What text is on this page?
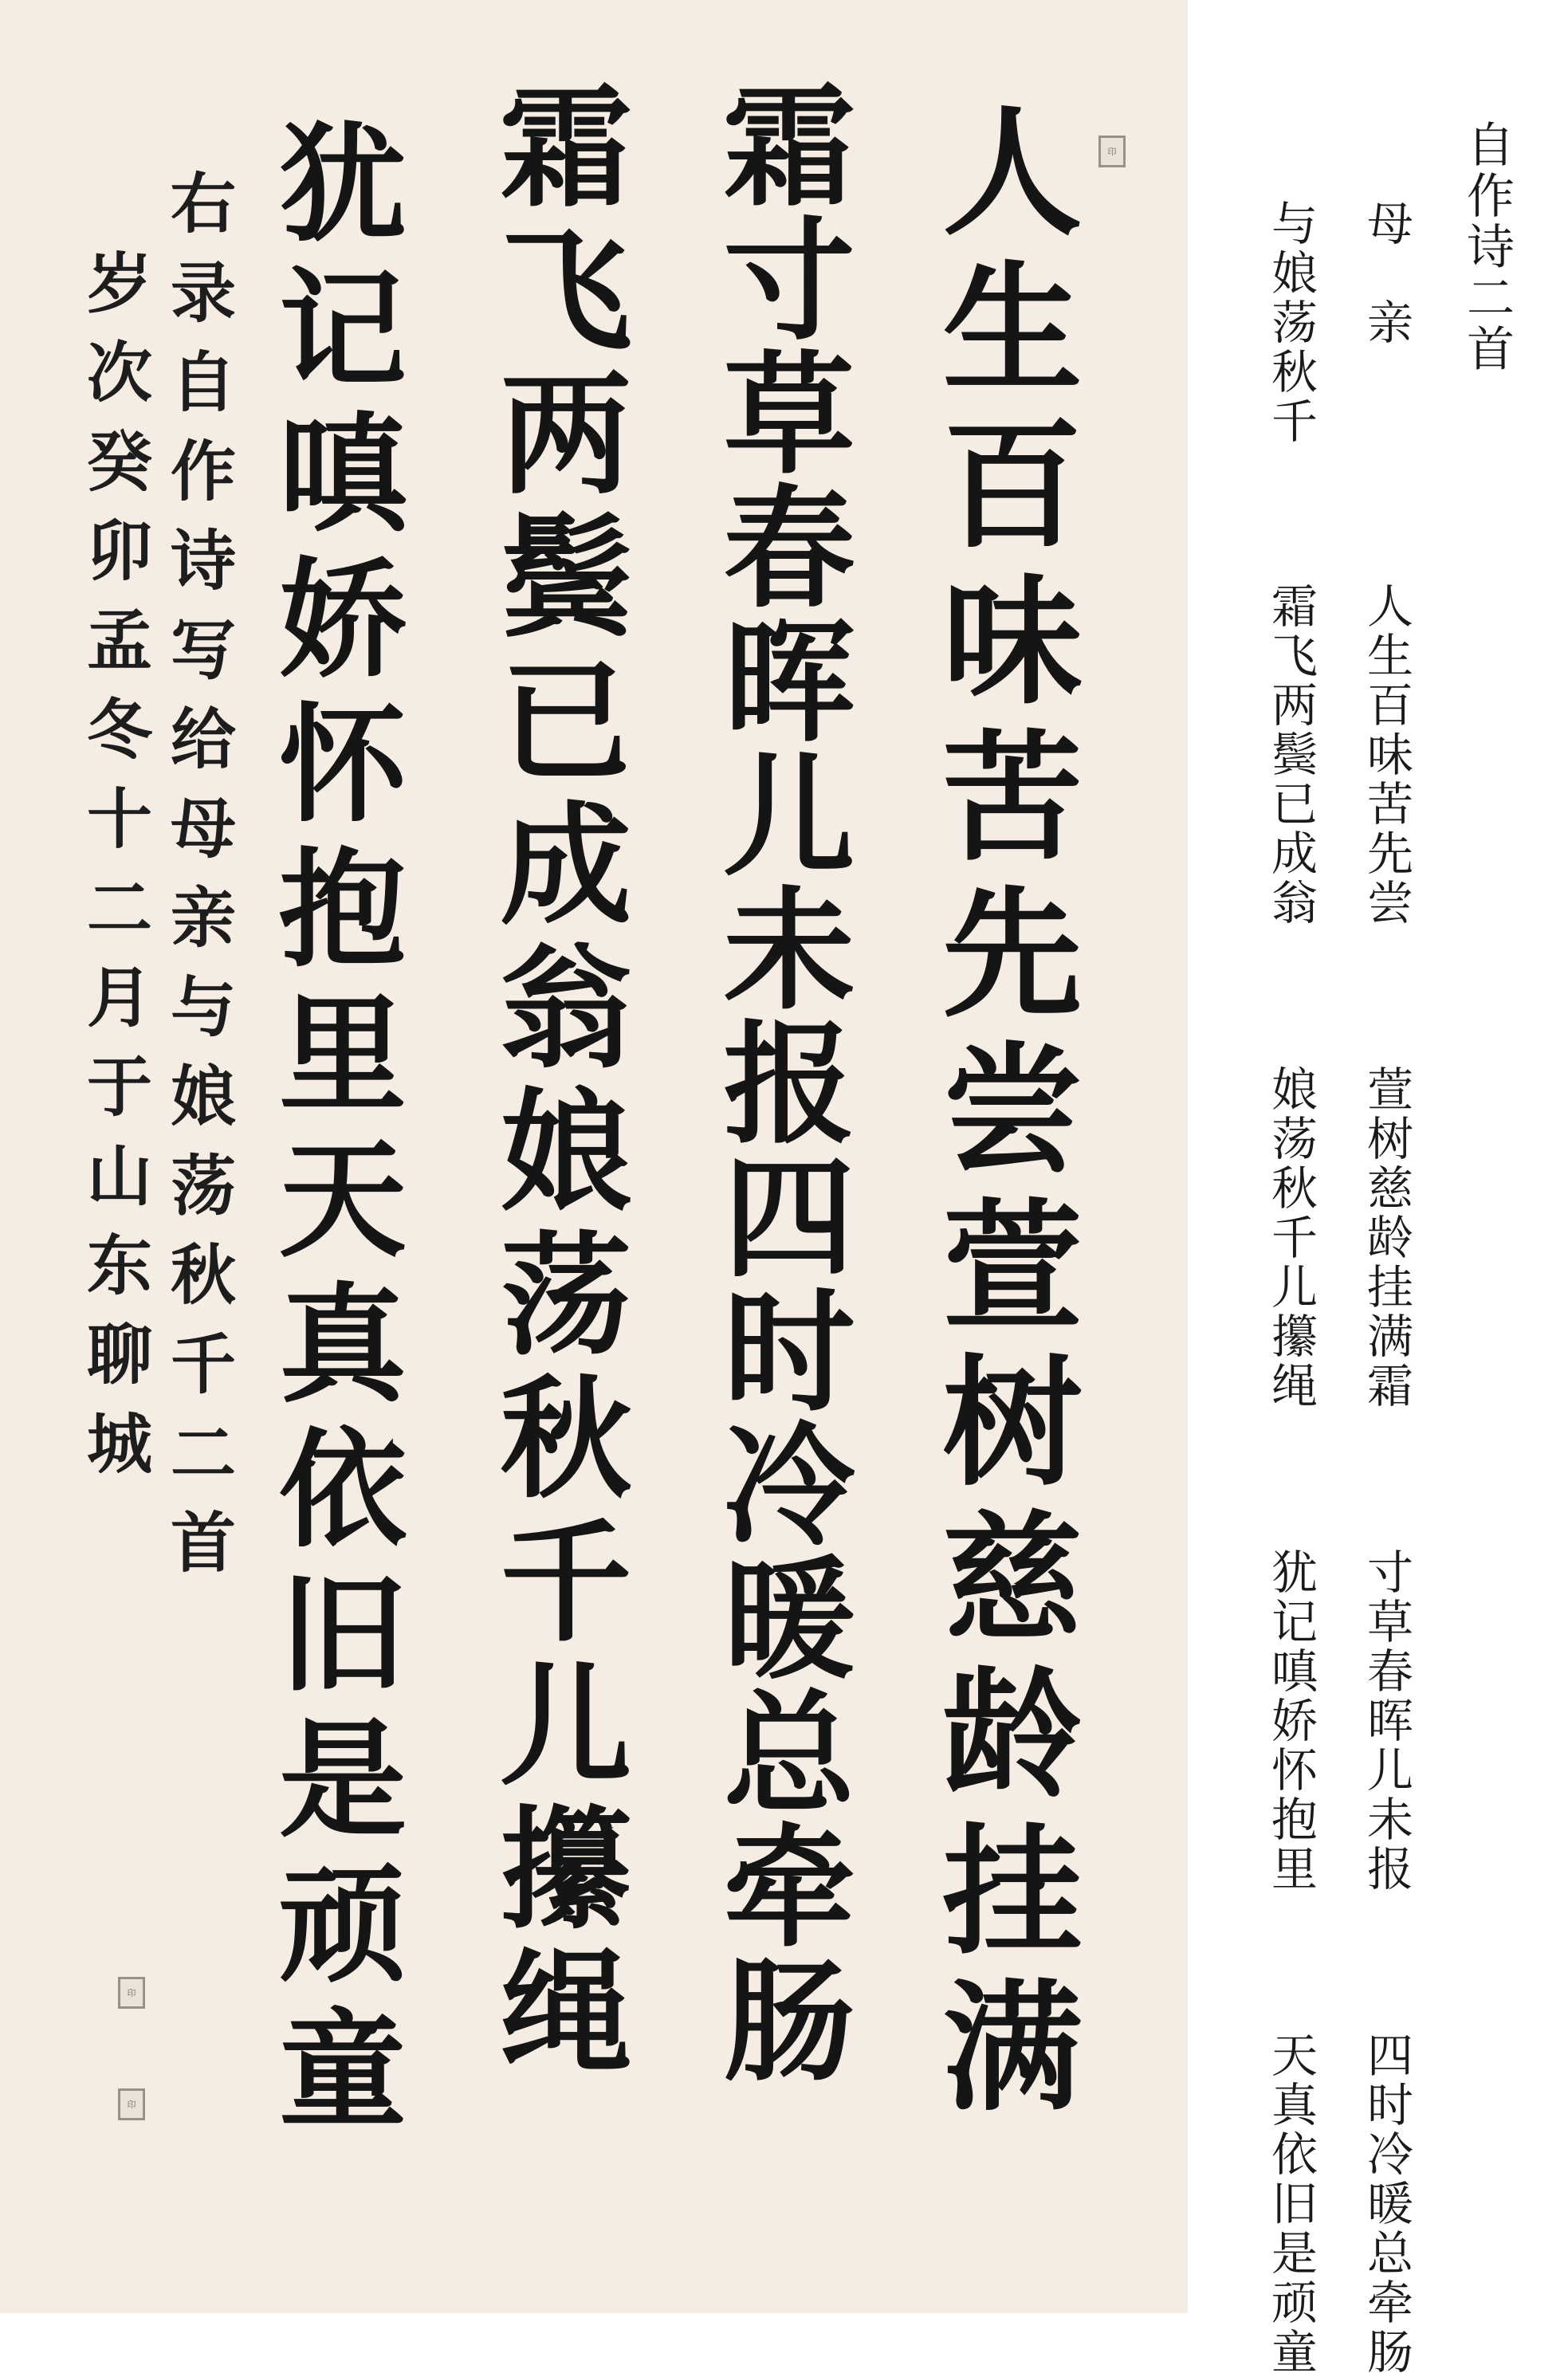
人生百味苦先尝萱树慈龄挂满
霜寸草春晖儿未报四时冷暖总牵肠
霜飞两鬓已成翁娘荡秋千儿攥绳
犹记嗔娇怀抱里天真依旧是顽童
右录自作诗写给母亲与娘荡秋千二首
岁次癸卯孟冬十二月于山东聊城
印
印
印
自作诗二首
母　亲
与娘荡秋千
人生百味苦先尝  萱树慈龄挂满霜  寸草春晖儿未报  四时冷暖总牵肠
霜飞两鬓已成翁  娘荡秋千儿攥绳  犹记嗔娇怀抱里  天真依旧是顽童
